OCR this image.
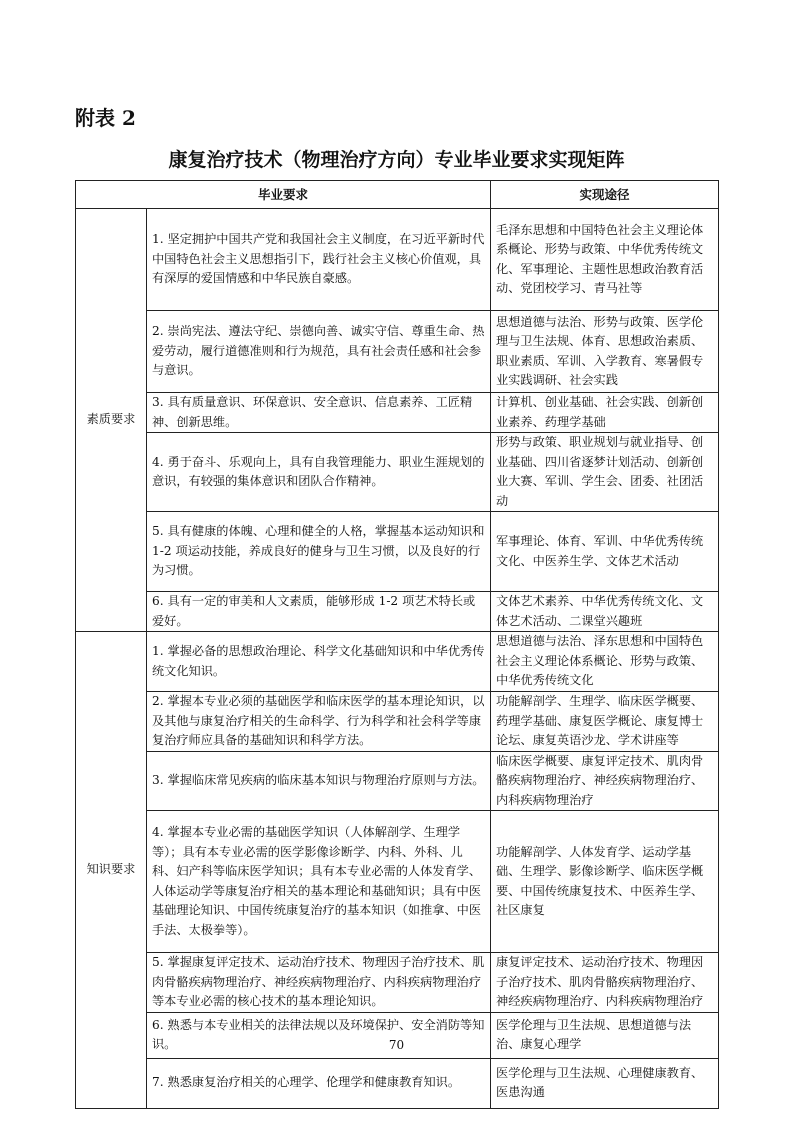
附表 2
康复治疗技术（物理治疗方向）专业毕业要求实现矩阵
毕业要求		实现途径
素质要求	1. 坚定拥护中国共产党和我国社会主义制度，在习近平新时代中国特色社会主义思想指引下，践行社会主义核心价值观，具有深厚的爱国情感和中华民族自豪感。	毛泽东思想和中国特色社会主义理论体系概论、形势与政策、中华优秀传统文化、军事理论、主题性思想政治教育活动、党团校学习、青马社等
	2. 崇尚宪法、遵法守纪、崇德向善、诚实守信、尊重生命、热爱劳动，履行道德准则和行为规范，具有社会责任感和社会参与意识。	思想道德与法治、形势与政策、医学伦理与卫生法规、体育、思想政治素质、职业素质、军训、入学教育、寒暑假专业实践调研、社会实践
	3. 具有质量意识、环保意识、安全意识、信息素养、工匠精神、创新思维。	计算机、创业基础、社会实践、创新创业素养、药理学基础
	4. 勇于奋斗、乐观向上，具有自我管理能力、职业生涯规划的意识，有较强的集体意识和团队合作精神。	形势与政策、职业规划与就业指导、创业基础、四川省逐梦计划活动、创新创业大赛、军训、学生会、团委、社团活动
	5. 具有健康的体魄、心理和健全的人格，掌握基本运动知识和 1-2 项运动技能，养成良好的健身与卫生习惯，以及良好的行为习惯。	军事理论、体育、军训、中华优秀传统文化、中医养生学、文体艺术活动
	6. 具有一定的审美和人文素质，能够形成 1-2 项艺术特长或爱好。	文体艺术素养、中华优秀传统文化、文体艺术活动、二课堂兴趣班
知识要求	1. 掌握必备的思想政治理论、科学文化基础知识和中华优秀传统文化知识。	思想道德与法治、泽东思想和中国特色社会主义理论体系概论、形势与政策、中华优秀传统文化
	2. 掌握本专业必须的基础医学和临床医学的基本理论知识，以及其他与康复治疗相关的生命科学、行为科学和社会科学等康复治疗师应具备的基础知识和科学方法。	功能解剖学、生理学、临床医学概要、药理学基础、康复医学概论、康复博士论坛、康复英语沙龙、学术讲座等
	3. 掌握临床常见疾病的临床基本知识与物理治疗原则与方法。	临床医学概要、康复评定技术、肌肉骨骼疾病物理治疗、神经疾病物理治疗、内科疾病物理治疗
	4. 掌握本专业必需的基础医学知识（人体解剖学、生理学等）；具有本专业必需的医学影像诊断学、内科、外科、儿科、妇产科等临床医学知识；具有本专业必需的人体发育学、人体运动学等康复治疗相关的基本理论和基础知识；具有中医基础理论知识、中国传统康复治疗的基本知识（如推拿、中医手法、太极拳等）。	功能解剖学、人体发育学、运动学基础、生理学、影像诊断学、临床医学概要、中国传统康复技术、中医养生学、社区康复
	5. 掌握康复评定技术、运动治疗技术、物理因子治疗技术、肌肉骨骼疾病物理治疗、神经疾病物理治疗、内科疾病物理治疗等本专业必需的核心技术的基本理论知识。	康复评定技术、运动治疗技术、物理因子治疗技术、肌肉骨骼疾病物理治疗、神经疾病物理治疗、内科疾病物理治疗
	6. 熟悉与本专业相关的法律法规以及环境保护、安全消防等知识。	医学伦理与卫生法规、思想道德与法治、康复心理学
	7. 熟悉康复治疗相关的心理学、伦理学和健康教育知识。	医学伦理与卫生法规、心理健康教育、医患沟通
70
